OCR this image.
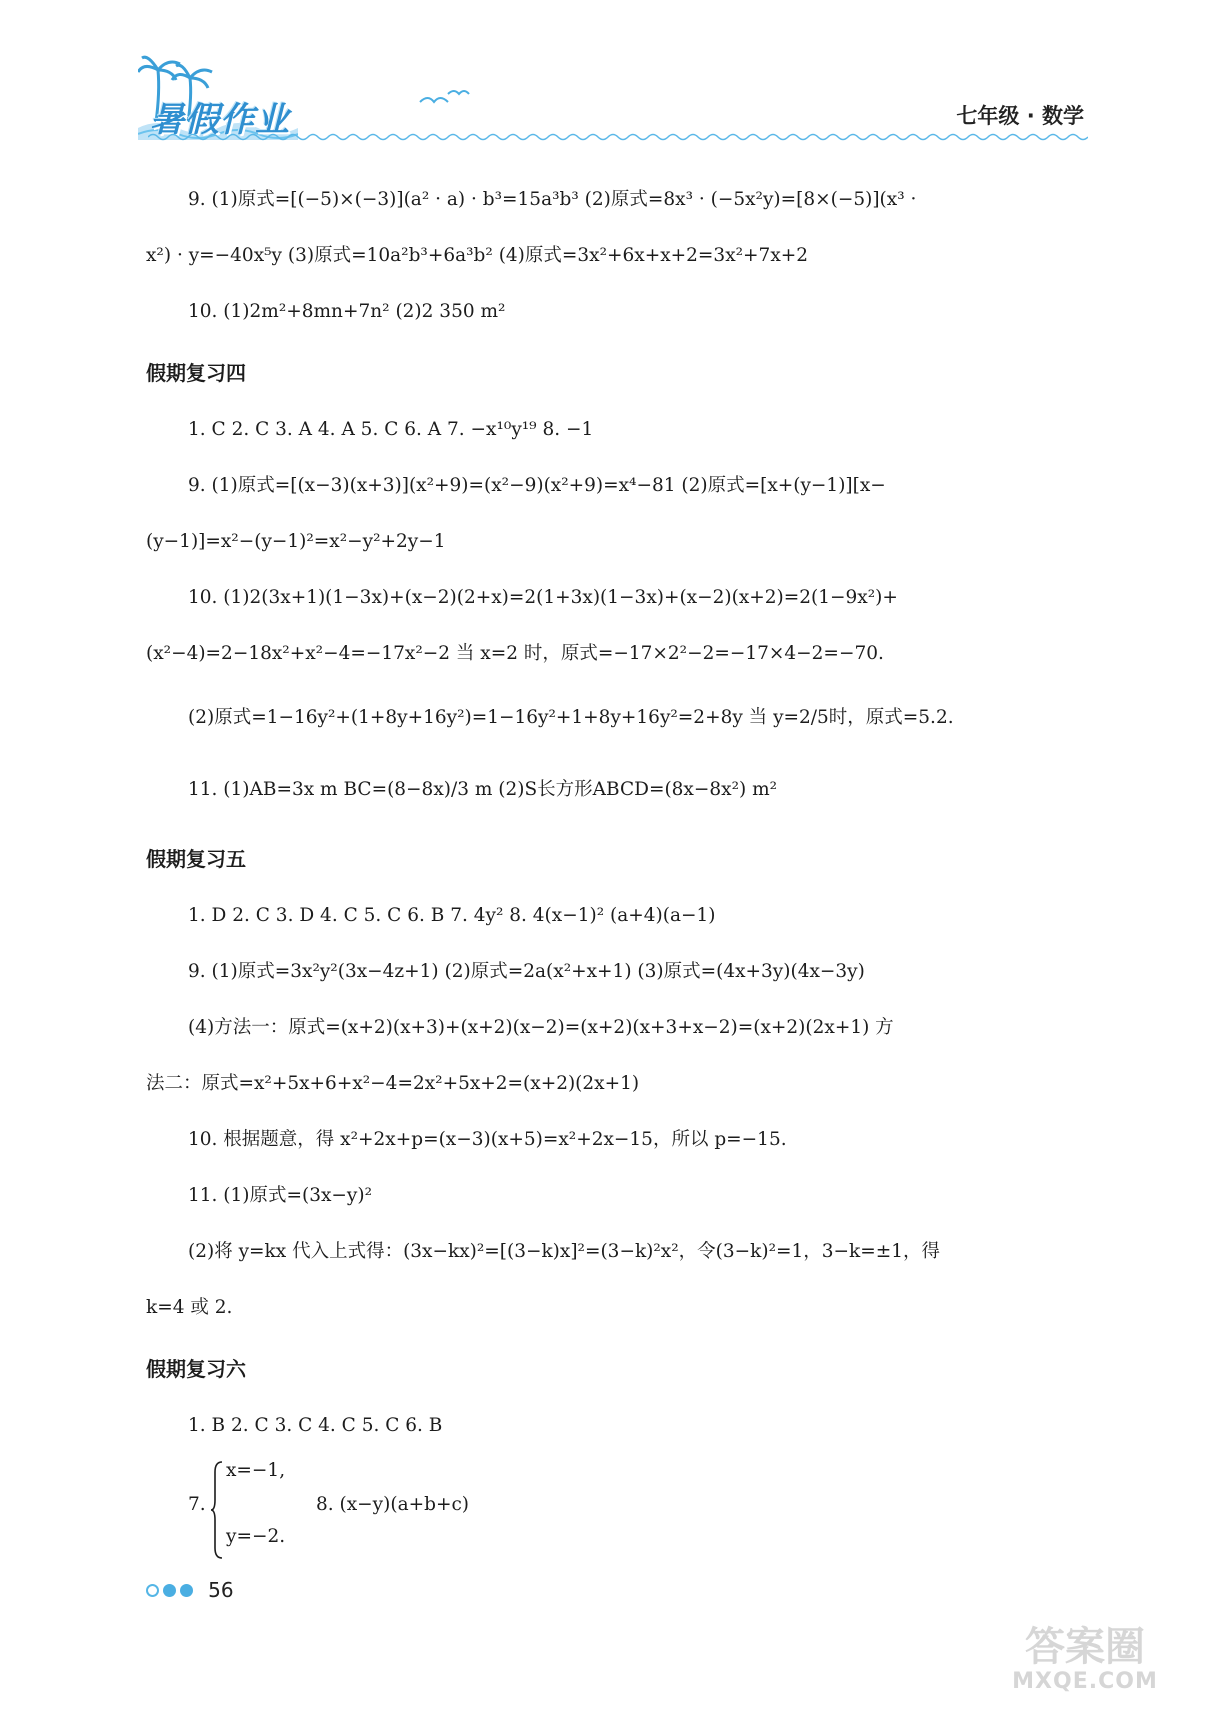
暑假作业	七年级 · 数学
9. (1)原式=[(−5)×(−3)](a² · a) · b³=15a³b³ (2)原式=8x³ · (−5x²y)=[8×(−5)](x³ ·
x²) · y=−40x⁵y (3)原式=10a²b³+6a³b² (4)原式=3x²+6x+x+2=3x²+7x+2
10. (1)2m²+8mn+7n² (2)2 350 m²
假期复习四
1. C 2. C 3. A 4. A 5. C 6. A 7. −x¹⁰y¹⁹ 8. −1
9. (1)原式=[(x−3)(x+3)](x²+9)=(x²−9)(x²+9)=x⁴−81 (2)原式=[x+(y−1)][x−
(y−1)]=x²−(y−1)²=x²−y²+2y−1
10. (1)2(3x+1)(1−3x)+(x−2)(2+x)=2(1+3x)(1−3x)+(x−2)(x+2)=2(1−9x²)+
(x²−4)=2−18x²+x²−4=−17x²−2 当 x=2 时，原式=−17×2²−2=−17×4−2=−70.
(2)原式=1−16y²+(1+8y+16y²)=1−16y²+1+8y+16y²=2+8y 当 y=2/5时，原式=5.2.
11. (1)AB=3x m BC=(8−8x)/3 m (2)S长方形ABCD=(8x−8x²) m²
假期复习五
1. D 2. C 3. D 4. C 5. C 6. B 7. 4y² 8. 4(x−1)² (a+4)(a−1)
9. (1)原式=3x²y²(3x−4z+1) (2)原式=2a(x²+x+1) (3)原式=(4x+3y)(4x−3y)
(4)方法一：原式=(x+2)(x+3)+(x+2)(x−2)=(x+2)(x+3+x−2)=(x+2)(2x+1) 方
法二：原式=x²+5x+6+x²−4=2x²+5x+2=(x+2)(2x+1)
10. 根据题意，得 x²+2x+p=(x−3)(x+5)=x²+2x−15，所以 p=−15.
11. (1)原式=(3x−y)²
(2)将 y=kx 代入上式得：(3x−kx)²=[(3−k)x]²=(3−k)²x²，令(3−k)²=1，3−k=±1，得
k=4 或 2.
假期复习六
1. B 2. C 3. C 4. C 5. C 6. B
7.
x=−1,
y=−2.
8. (x−y)(a+b+c)
56
答案圈
MXQE.COM
